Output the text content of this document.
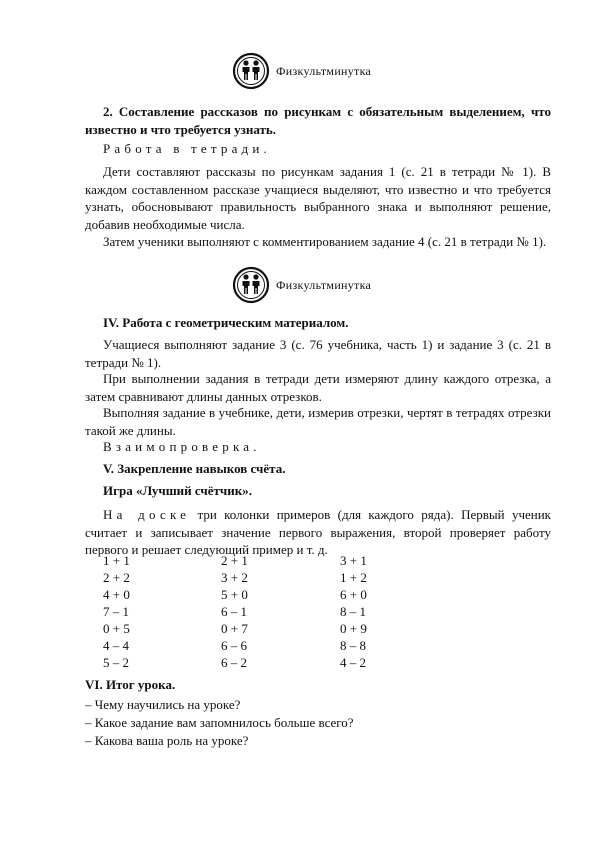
Физкультминутка

2. Составление рассказов по рисункам с обязательным выделением, что известно и что требуется узнать.

Работа в тетради.

Дети составляют рассказы по рисункам задания 1 (с. 21 в тетради № 1). В каждом составленном рассказе учащиеся выделяют, что известно и что требуется узнать, обосновывают правильность выбранного знака и выполняют решение, добавив необходимые числа.

Затем ученики выполняют с комментированием задание 4 (с. 21 в тетради № 1).

Физкультминутка

IV. Работа с геометрическим материалом.

Учащиеся выполняют задание 3 (с. 76 учебника, часть 1) и задание 3 (с. 21 в тетради № 1).

При выполнении задания в тетради дети измеряют длину каждого отрезка, а затем сравнивают длины данных отрезков.

Выполняя задание в учебнике, дети, измерив отрезки, чертят в тетрадях отрезки такой же длины.

Взаимопроверка.

V. Закрепление навыков счёта.

Игра «Лучший счётчик».

На доске три колонки примеров (для каждого ряда). Первый ученик считает и записывает значение первого выражения, второй проверяет работу первого и решает следующий пример и т. д.

1 + 1
2 + 2
4 + 0
7 – 1
0 + 5
4 – 4
5 – 2
2 + 1
3 + 2
5 + 0
6 – 1
0 + 7
6 – 6
6 – 2
3 + 1
1 + 2
6 + 0
8 – 1
0 + 9
8 – 8
4 – 2

VI. Итог урока.

– Чему научились на уроке?

– Какое задание вам запомнилось больше всего?

– Какова ваша роль на уроке?
